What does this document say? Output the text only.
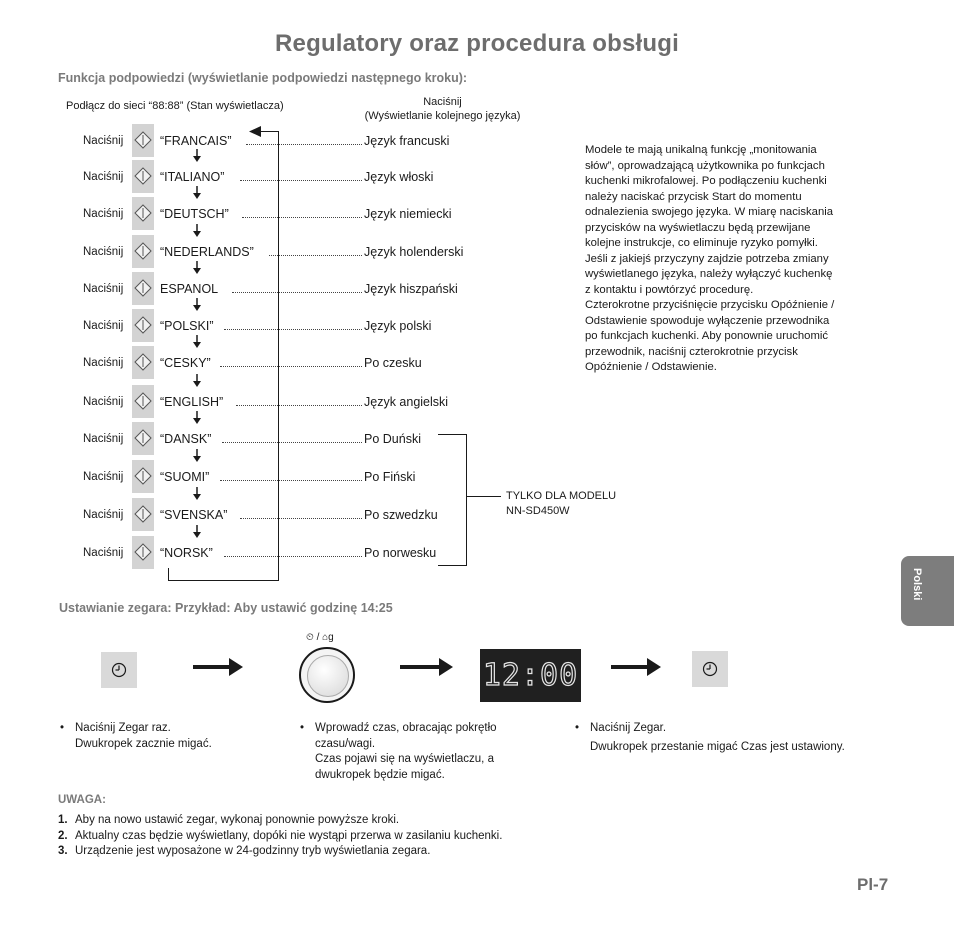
Regulatory oraz procedura obsługi
Funkcja podpowiedzi (wyświetlanie podpowiedzi następnego kroku):
Podłącz do sieci “88:88” (Stan wyświetlacza)	Naciśnij
(Wyświetlanie kolejnego języka)
Naciśnij	“FRANCAIS”	Język francuski
Naciśnij	“ITALIANO”	Język włoski
Naciśnij	“DEUTSCH”	Język niemiecki
Naciśnij	“NEDERLANDS”	Język holenderski
Naciśnij	ESPANOL	Język hiszpański
Naciśnij	“POLSKI”	Język polski
Naciśnij	“CESKY”	Po czesku
Naciśnij	“ENGLISH”	Język angielski
Naciśnij	“DANSK”	Po Duński
Naciśnij	“SUOMI”	Po Fiński
Naciśnij	“SVENSKA”	Po szwedzku
Naciśnij	“NORSK”	Po norwesku
TYLKO DLA MODELU
NN-SD450W

Modele te mają unikalną funkcję „monitowania

słów”, oprowadzającą użytkownika po funkcjach

kuchenki mikrofalowej. Po podłączeniu kuchenki

należy naciskać przycisk Start do momentu

odnalezienia swojego języka. W miarę naciskania

przycisków na wyświetlaczu będą przewijane

kolejne instrukcje, co eliminuje ryzyko pomyłki.

Jeśli z jakiejś przyczyny zajdzie potrzeba zmiany

wyświetlanego języka, należy wyłączyć kuchenkę

z kontaktu i powtórzyć procedurę.

Czterokrotne przyciśnięcie przycisku Opóźnienie /

Odstawienie spowoduje wyłączenie przewodnika

po funkcjach kuchenki. Aby ponownie uruchomić

przewodnik, naciśnij czterokrotnie przycisk

Opóźnienie / Odstawienie.

Polski
Ustawianie zegara: Przykład: Aby ustawić godzinę 14:25
⏲ / ⌂g
12:00
• Naciśnij Zegar raz.
Dwukropek zacznie migać.
• Wprowadź czas, obracając pokrętło
czasu/wagi.
Czas pojawi się na wyświetlaczu, a
dwukropek będzie migać.
• Naciśnij Zegar.
Dwukropek przestanie migać Czas jest ustawiony.
UWAGA:
1. Aby na nowo ustawić zegar, wykonaj ponownie powyższe kroki.
2. Aktualny czas będzie wyświetlany, dopóki nie wystąpi przerwa w zasilaniu kuchenki.
3. Urządzenie jest wyposażone w 24-godzinny tryb wyświetlania zegara.
Pl-7
